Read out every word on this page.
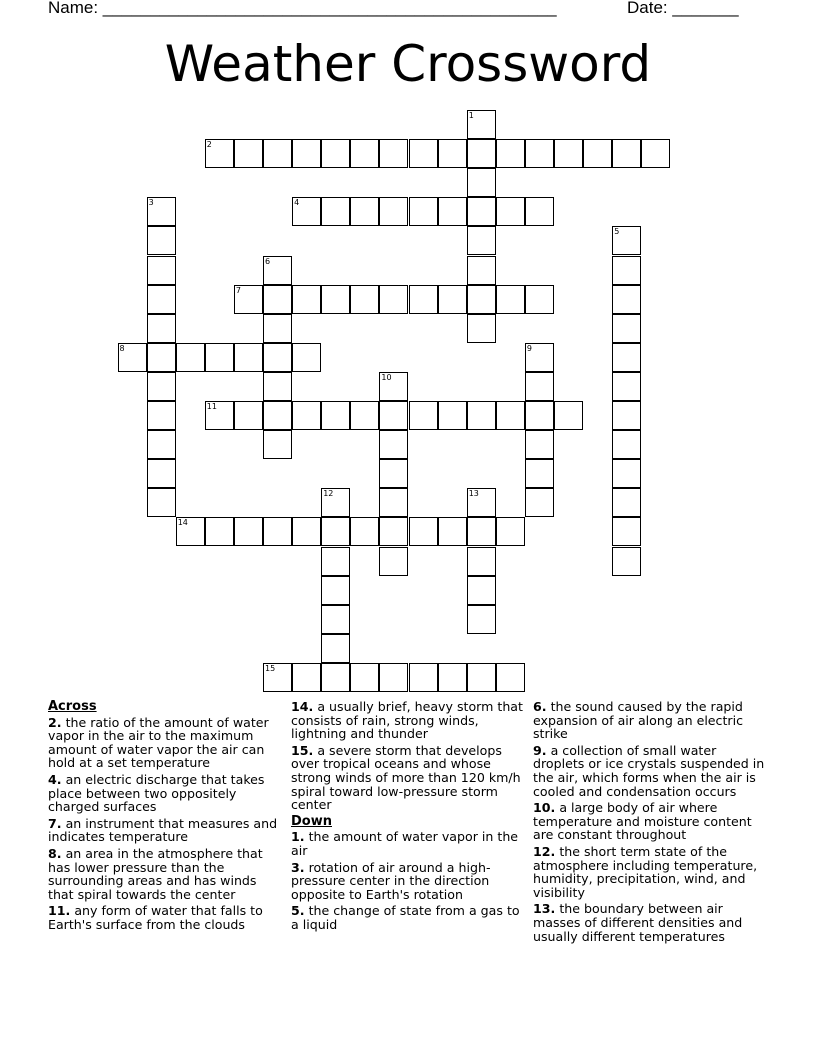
Name: ________________________________________________	Date: _______
Weather Crossword
1
2
3	4
5
6
7
8	9
10
11
12	13
14
15
Across
2. the ratio of the amount of water vapor in the air to the maximum amount of water vapor the air can hold at a set temperature
4. an electric discharge that takes place between two oppositely charged surfaces
7. an instrument that measures and indicates temperature
8. an area in the atmosphere that has lower pressure than the surrounding areas and has winds that spiral towards the center
11. any form of water that falls to Earth's surface from the clouds
14. a usually brief, heavy storm that consists of rain, strong winds, lightning and thunder
15. a severe storm that develops over tropical oceans and whose strong winds of more than 120 km/h spiral toward low-pressure storm center
Down
1. the amount of water vapor in the air
3. rotation of air around a high-pressure center in the direction opposite to Earth's rotation
5. the change of state from a gas to a liquid
6. the sound caused by the rapid expansion of air along an electric strike
9. a collection of small water droplets or ice crystals suspended in the air, which forms when the air is cooled and condensation occurs
10. a large body of air where temperature and moisture content are constant throughout
12. the short term state of the atmosphere including temperature, humidity, precipitation, wind, and visibility
13. the boundary between air masses of different densities and usually different temperatures
